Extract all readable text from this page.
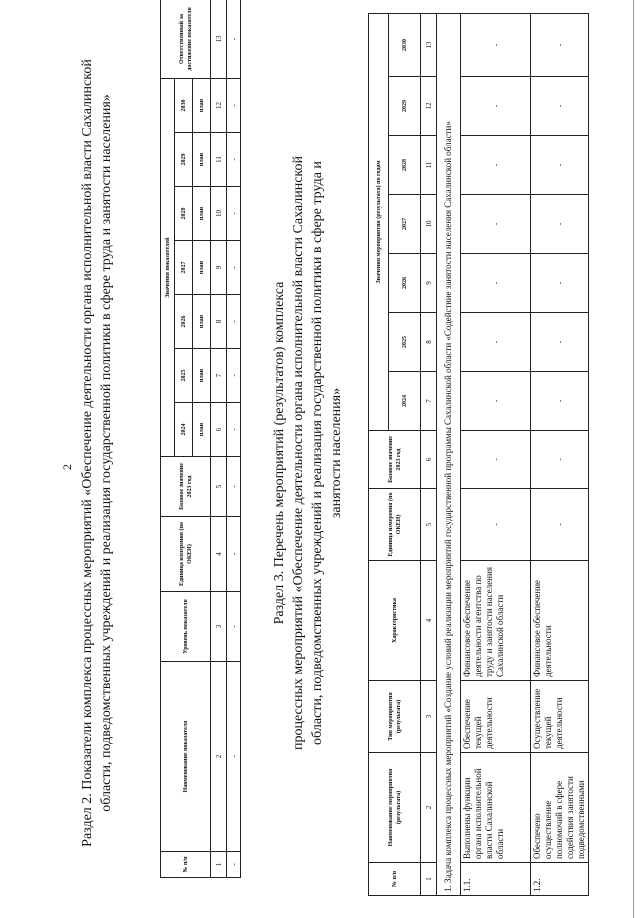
2 Раздел 2. Показатели комплекса процессных мероприятий «Обеспечение деятельности органа исполнительной власти Сахалинской области, подведомственных учреждений и реализация государственной политики в сфере труда и занятости населения»
№ п/п	Наименование показателя	Уровень показателя	Единица измерения (по ОКЕИ)	Базовое значение 2023 год	Значения показателей							Ответственный за достижение показателя
					2024	2025	2026	2027	2028	2029	2030	
					план	план	план	план	план	план	план	
1	2	3	4	5	6	7	8	9	10	11	12	13
-	-	-	-	-	-	-	-	-	-	-	-	-
Раздел 3. Перечень мероприятий (результатов) комплекса процессных мероприятий «Обеспечение деятельности органа исполнительной власти Сахалинской области, подведомственных учреждений и реализация государственной политики в сфере труда и занятости населения»
№ п/п	Наименование мероприятия (результата)	Тип мероприятия (результата)	Характеристика	Единица измерения (по ОКЕИ)	Базовое значение 2023 год	Значения мероприятия (результата) по годам						
						2024	2025	2026	2027	2028	2029	2030
1	2	3	4	5	6	7	8	9	10	11	12	13
1. Задача комплекса процессных мероприятий «Создание условий реализации мероприятий государственной программы Сахалинской области «Содействие занятости населения Сахалинской области»												
1.1.	Выполнены функции органа исполнительной власти Сахалинской области	Обеспечение текущей деятельности	Финансовое обеспечение деятельности агентства по труду и занятости населения Сахалинской области	-	-	-	-	-	-	-	-	-
1.2.	Обеспечено осуществление полномочий в сфере содействия занятости подведомственными	Осуществление текущей деятельности	Финансовое обеспечение деятельности	-	-	-	-	-	-	-	-	-
